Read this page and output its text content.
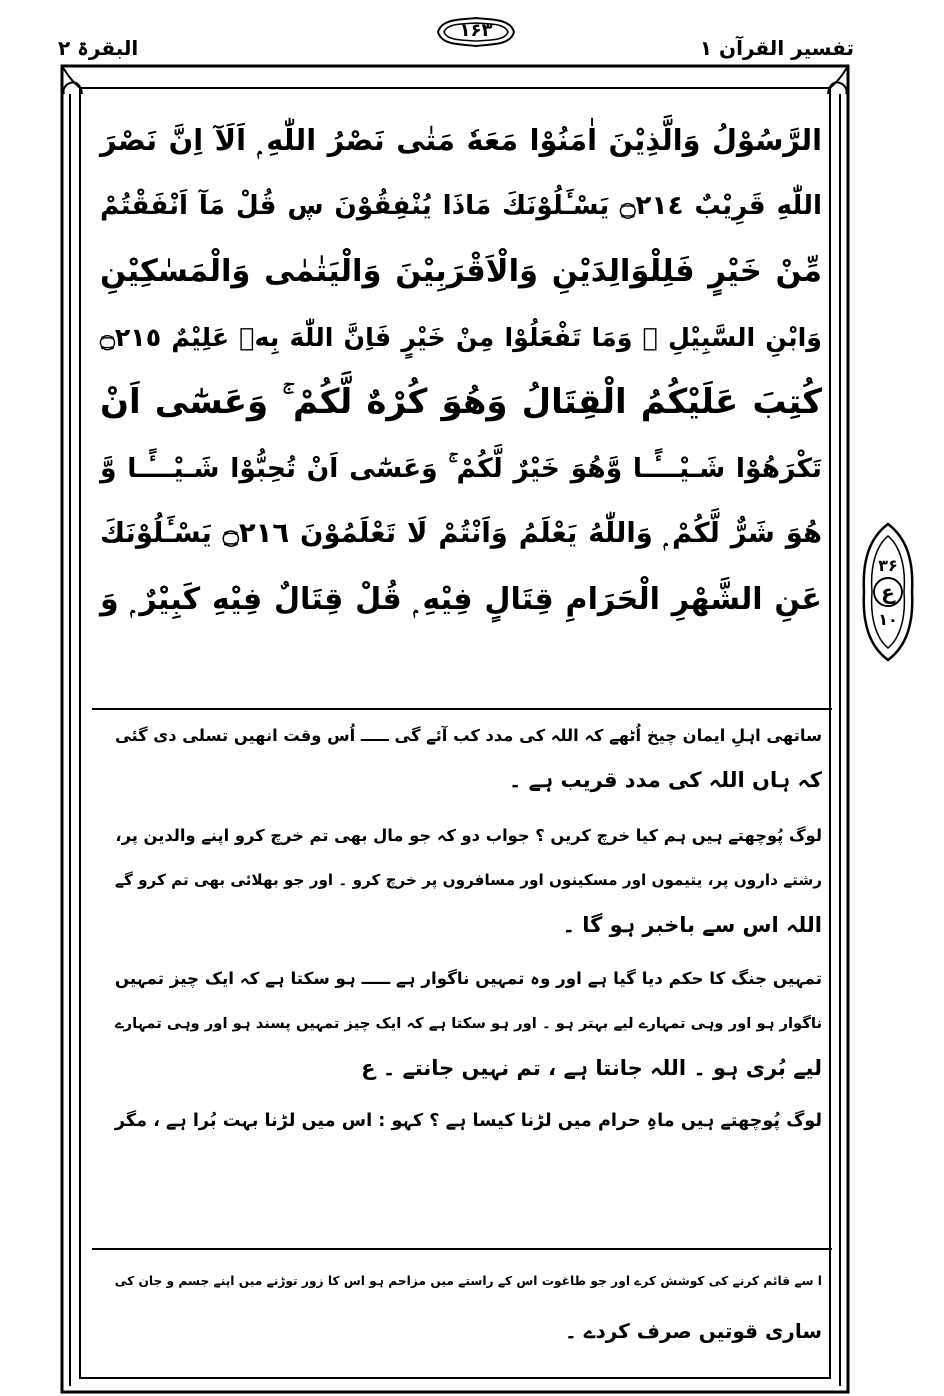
البقرۃ ۲
۱۶۳
تفسیر القرآن ۱
۳۶
ع
۱۰
الرَّسُوْلُ وَالَّذِيْنَ اٰمَنُوْا مَعَهٗ مَتٰى نَصْرُ اللّٰهِ ۭ اَلَآ اِنَّ نَصْرَ
اللّٰهِ قَرِيْبٌ ۝٢١٤ يَسْـَٔلُوْنَكَ مَاذَا يُنْفِقُوْنَ ڛ قُلْ مَآ اَنْفَقْتُمْ
مِّنْ خَيْرٍ فَلِلْوَالِدَيْنِ وَالْاَقْرَبِيْنَ وَالْيَتٰمٰى وَالْمَسٰكِيْنِ
وَابْنِ السَّبِيْلِ ۭ وَمَا تَفْعَلُوْا مِنْ خَيْرٍ فَاِنَّ اللّٰهَ بِهٖ عَلِيْمٌ ۝٢١٥
كُتِبَ عَلَيْكُمُ الْقِتَالُ وَھُوَ كُرْهٌ لَّكُمْ ۚ وَعَسٰٓى اَنْ
تَكْرَھُوْا شَـيْـــًٔـا وَّھُوَ خَيْرٌ لَّكُمْ ۚ وَعَسٰٓى اَنْ تُحِبُّوْا شَـيْـــًٔـا وَّ
ھُوَ شَرٌّ لَّكُمْ ۭ وَاللّٰهُ يَعْلَمُ وَاَنْتُمْ لَا تَعْلَمُوْنَ ۝٢١٦ يَسْـَٔلُوْنَكَ
عَنِ الشَّهْرِ الْحَرَامِ قِتَالٍ فِيْهِ ۭ قُلْ قِتَالٌ فِيْهِ كَبِيْرٌ ۭ وَ
ساتھی اہلِ ایمان چیخ اُٹھے کہ اللہ کی مدد کب آئے گی ـــــ اُس وقت انھیں تسلی دی گئی
کہ ہاں اللہ کی مدد قریب ہے ۔
لوگ پُوچھتے ہیں ہم کیا خرچ کریں ؟ جواب دو کہ جو مال بھی تم خرچ کرو اپنے والدین پر،
رشتے داروں پر، یتیموں اور مسکینوں اور مسافروں پر خرچ کرو ۔ اور جو بھلائی بھی تم کرو گے
اللہ اس سے باخبر ہو گا ۔
تمہیں جنگ کا حکم دیا گیا ہے اور وہ تمہیں ناگوار ہے ـــــ ہو سکتا ہے کہ ایک چیز تمہیں
ناگوار ہو اور وہی تمہارے لیے بہتر ہو ۔ اور ہو سکتا ہے کہ ایک چیز تمہیں پسند ہو اور وہی تمہارے
لیے بُری ہو ۔ اللہ جانتا ہے ، تم نہیں جانتے ۔ ع
لوگ پُوچھتے ہیں ماہِ حرام میں لڑنا کیسا ہے ؟ کہو : اس میں لڑنا بہت بُرا ہے ، مگر
ا سے قائم کرنے کی کوشش کرے اور جو طاغوت اس کے راستے میں مزاحم ہو اس کا زور توڑنے میں اپنے جسم و جان کی
ساری قوتیں صرف کردے ۔
